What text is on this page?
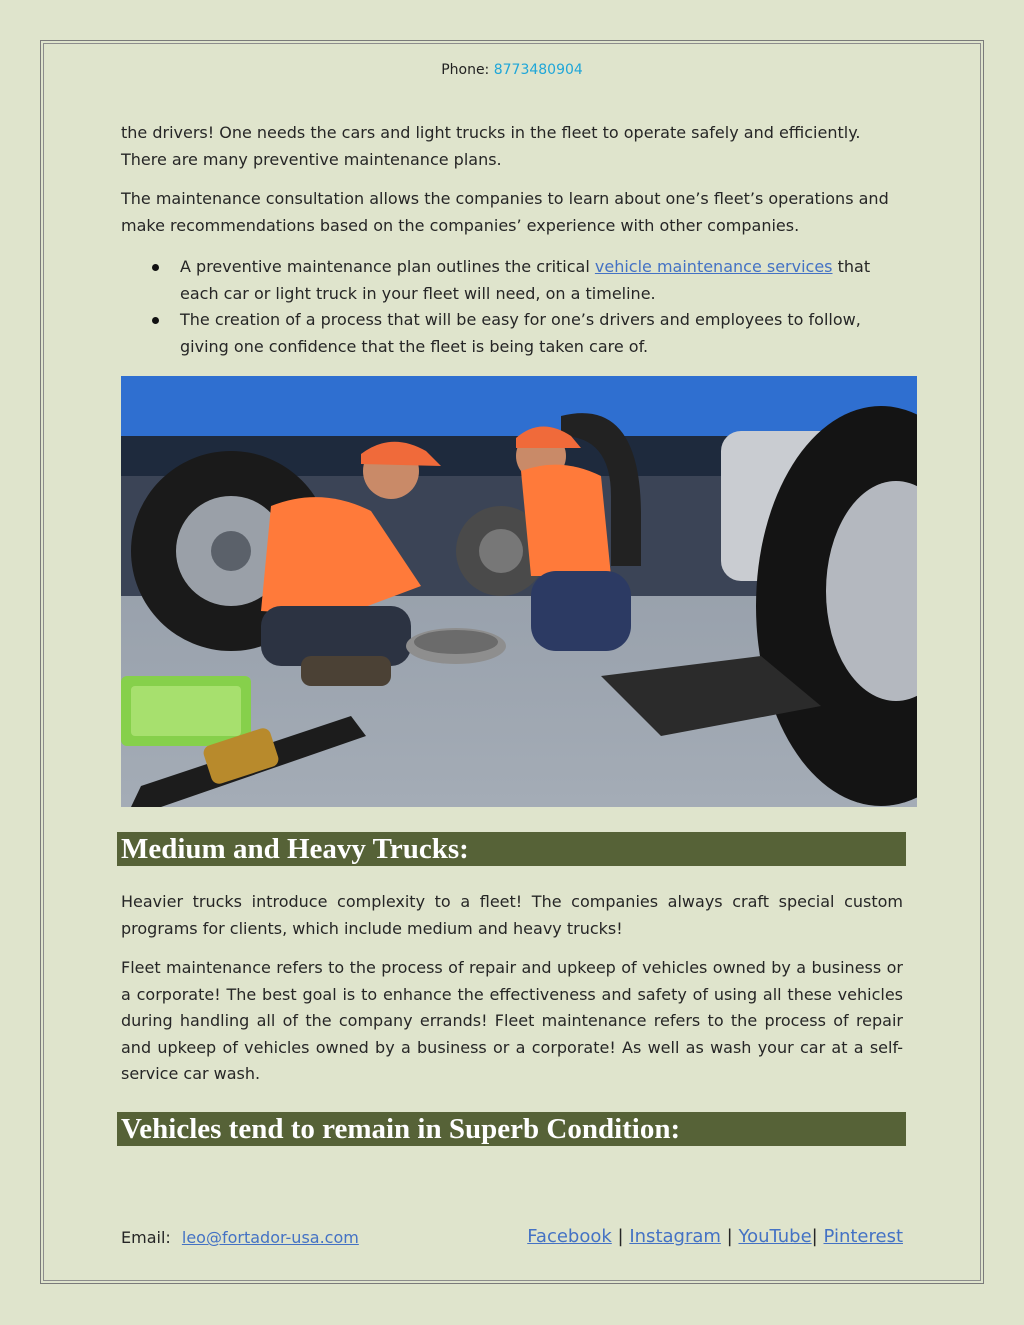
Phone: 8773480904

the drivers! One needs the cars and light trucks in the fleet to operate safely and efficiently. There are many preventive maintenance plans.

The maintenance consultation allows the companies to learn about one’s fleet’s operations and make recommendations based on the companies’ experience with other companies.

A preventive maintenance plan outlines the critical vehicle maintenance services that each car or light truck in your fleet will need, on a timeline.
The creation of a process that will be easy for one’s drivers and employees to follow, giving one confidence that the fleet is being taken care of.
Medium and Heavy Trucks:

Heavier trucks introduce complexity to a fleet! The companies always craft special custom programs for clients, which include medium and heavy trucks!

Fleet maintenance refers to the process of repair and upkeep of vehicles owned by a business or a corporate! The best goal is to enhance the effectiveness and safety of using all these vehicles during handling all of the company errands! Fleet maintenance refers to the process of repair and upkeep of vehicles owned by a business or a corporate! As well as wash your car at a self-service car wash.

Vehicles tend to remain in Superb Condition:
Email: leo@fortador-usa.com	Facebook | Instagram | YouTube| Pinterest
